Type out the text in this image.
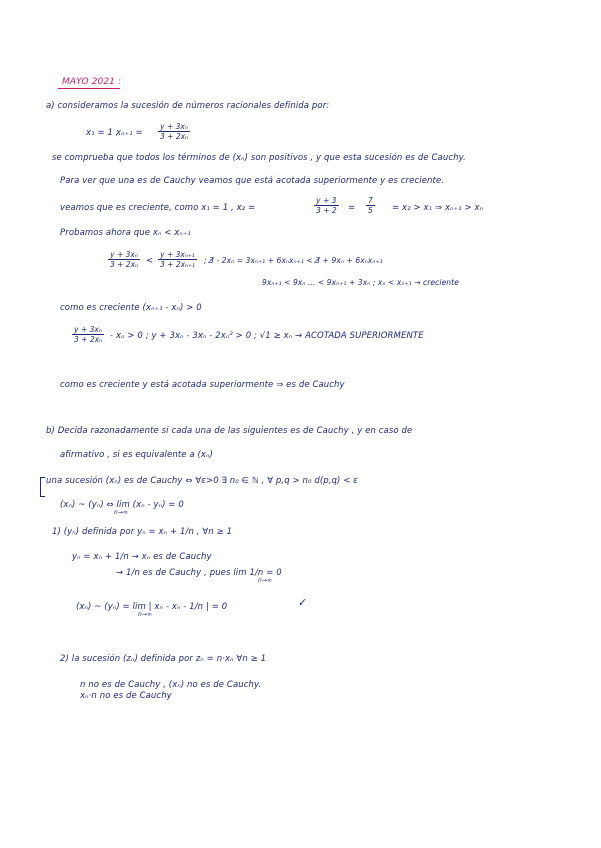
MAYO 2021 :
a) consideramos la sucesión de números racionales definida por:
x₁ = 1 ,
$x_{n+1} = \frac{\text{y + 3xₙ}}{\text{3 + 2xₙ}}$
se comprueba que todos los términos de (xₙ) son positivos , y que esta sucesión es de Cauchy.
Para ver que una es de Cauchy veamos que está acotada superiormente y es creciente.
veamos que es creciente, como x₁ = 1 , x₂ =	$\frac{y + 3}{3 + 2} = \frac{7}{5} = x_2 > x_1$ ⇒ xₙ₊₁ > xₙ
Probamos ahora que xₙ < xₙ₊₁
$\frac{\text{y + 3xₙ}}{\text{3 + 2xₙ}} < \frac{\text{y + 3xₙ₊₁}}{\text{3 + 2xₙ₊₁}}$ ; 3̸ - 2xₙ = 3xₙ₊₁ + 6xₙxₙ₊₁ < 3̸ + 9xₙ + 6xₙxₙ₊₁
9xₙ₊₁ < 9xₙ ... < 9xₙ₊₁ + 3xₙ ; xₙ < xₙ₊₁ → creciente
como es creciente (xₙ₊₁ - xₙ) > 0
$\frac{\text{y + 3xₙ}}{\text{3 + 2xₙ}} - x_n > 0$ ; y + 3xₙ - 3xₙ - 2xₙ² > 0 ; √1 ≥ xₙ → ACOTADA SUPERIORMENTE
como es creciente y está acotada superiormente ⇒ es de Cauchy
b) Decida razonadamente si cada una de las siguientes es de Cauchy , y en caso de
afirmativo , si es equivalente a (xₙ)
una sucesión (xₙ) es de Cauchy ⇔ ∀ε>0 ∃ n₀ ∈ ℕ , ∀ p,q > n₀ d(p,q) < ε
(xₙ) ~ (yₙ) ⇔ lim (xₙ - yₙ) = 0
n→∞
1) (yₙ) definida por yₙ = xₙ + 1/n , ∀n ≥ 1
yₙ = xₙ + 1/n → xₙ es de Cauchy
→ 1/n es de Cauchy , pues lim 1/n = 0
n→∞
(xₙ) ~ (yₙ) = lim | xₙ - xₙ - 1/n | = 0
n→∞
✓
2) la sucesión (zₙ) definida por zₙ = n·xₙ ∀n ≥ 1
n no es de Cauchy , (xₙ) no es de Cauchy.
xₙ·n no es de Cauchy
